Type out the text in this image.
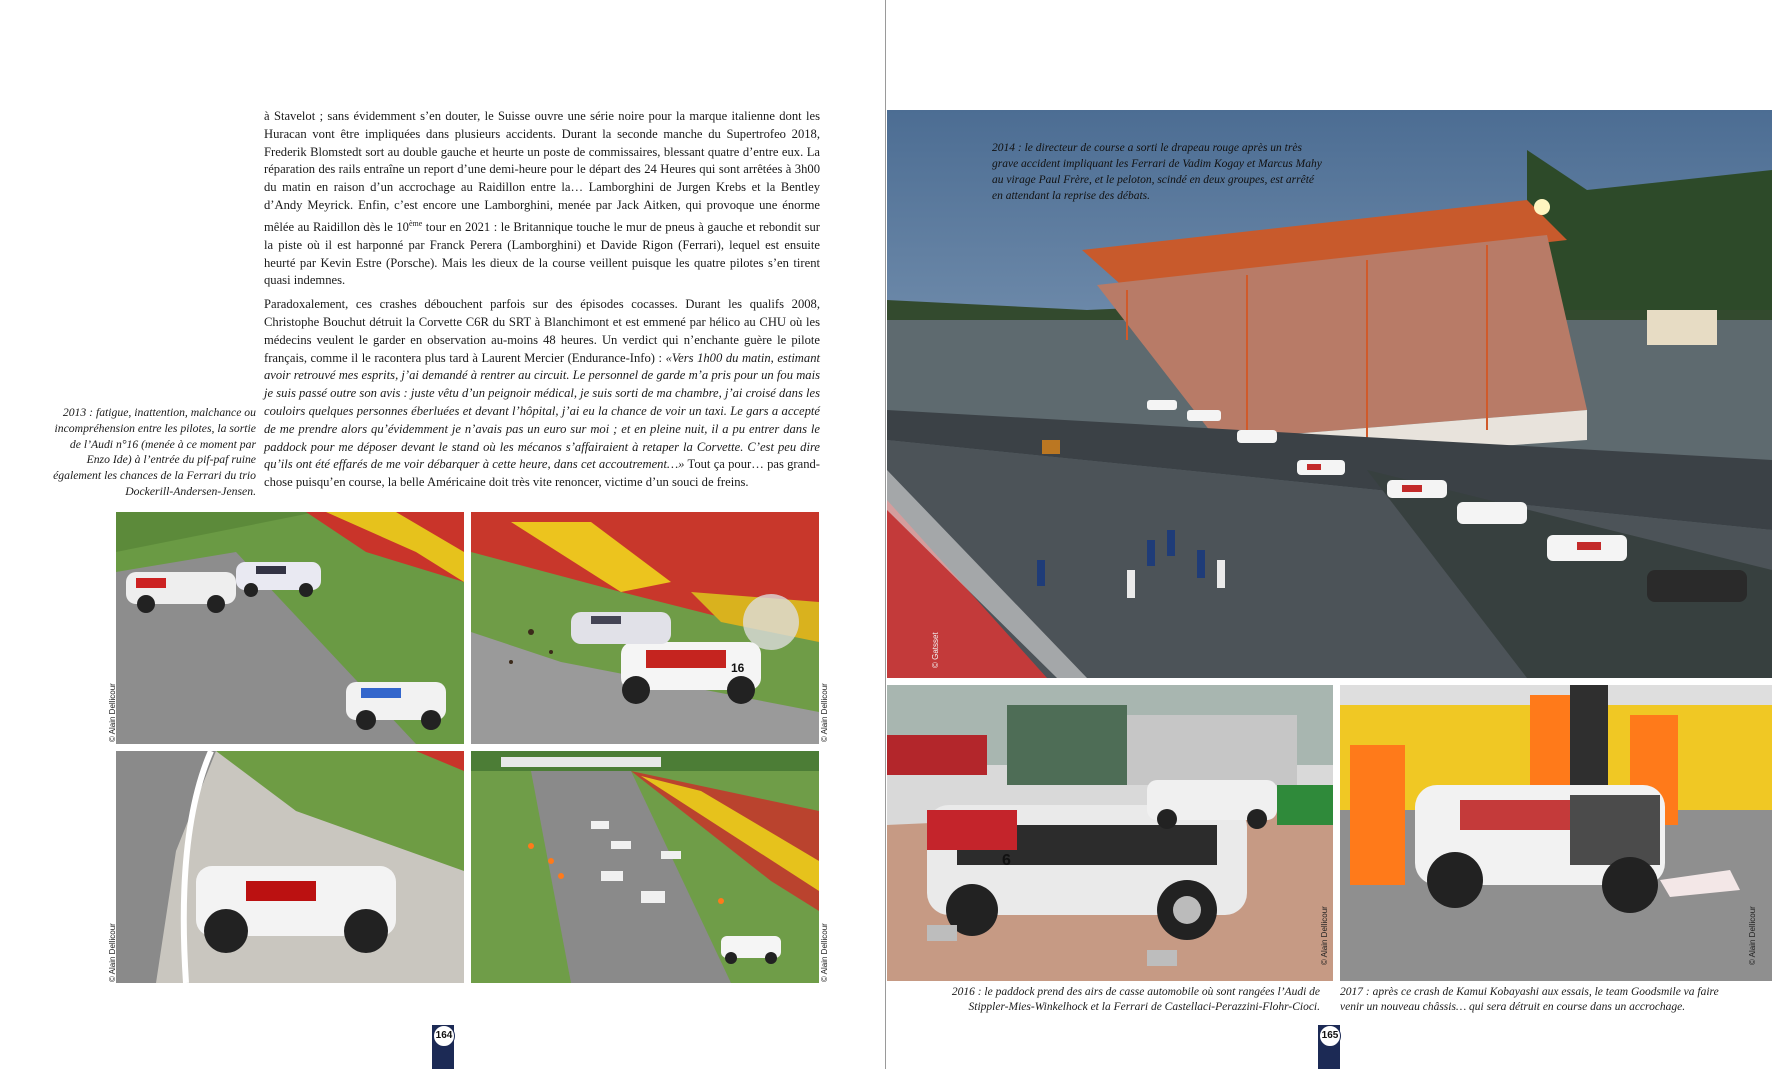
à Stavelot ; sans évidemment s’en douter, le Suisse ouvre une série noire pour la marque italienne dont les Huracan vont être impliquées dans plusieurs accidents. Durant la seconde manche du Supertrofeo 2018, Frederik Blomstedt sort au double gauche et heurte un poste de commissaires, blessant quatre d’entre eux. La réparation des rails entraîne un report d’une demi-heure pour le départ des 24 Heures qui sont arrêtées à 3h00 du matin en raison d’un accrochage au Raidillon entre la… Lamborghini de Jurgen Krebs et la Bentley d’Andy Meyrick. Enfin, c’est encore une Lamborghini, menée par Jack Aitken, qui provoque une énorme mêlée au Raidillon dès le 10ème tour en 2021 : le Britannique touche le mur de pneus à gauche et rebondit sur la piste où il est harponné par Franck Perera (Lamborghini) et Davide Rigon (Ferrari), lequel est ensuite heurté par Kevin Estre (Porsche). Mais les dieux de la course veillent puisque les quatre pilotes s’en tirent quasi indemnes.

Paradoxalement, ces crashes débouchent parfois sur des épisodes cocasses. Durant les qualifs 2008, Christophe Bouchut détruit la Corvette C6R du SRT à Blanchimont et est emmené par hélico au CHU où les médecins veulent le garder en observation au-moins 48 heures. Un verdict qui n’enchante guère le pilote français, comme il le racontera plus tard à Laurent Mercier (Endurance-Info) : «Vers 1h00 du matin, estimant avoir retrouvé mes esprits, j’ai demandé à rentrer au circuit. Le personnel de garde m’a pris pour un fou mais je suis passé outre son avis : juste vêtu d’un peignoir médical, je suis sorti de ma chambre, j’ai croisé dans les couloirs quelques personnes éberluées et devant l’hôpital, j’ai eu la chance de voir un taxi. Le gars a accepté de me prendre alors qu’évidemment je n’avais pas un euro sur moi ; et en pleine nuit, il a pu entrer dans le paddock pour me déposer devant le stand où les mécanos s’affairaient à retaper la Corvette. C’est peu dire qu’ils ont été effarés de me voir débarquer à cette heure, dans cet accoutrement…» Tout ça pour… pas grand-chose puisqu’en course, la belle Américaine doit très vite renoncer, victime d’un souci de freins.

2013 : fatigue, inattention, malchance ou incompréhension entre les pilotes, la sortie de l’Audi n°16 (menée à ce moment par Enzo Ide) à l’entrée du pif-paf ruine également les chances de la Ferrari du trio Dockerill-Andersen-Jensen.
16
© Alain Dellicour	© Alain Dellicour
© Alain Dellicour	© Alain Dellicour
164
2014 : le directeur de course a sorti le drapeau rouge après un très grave accident impliquant les Ferrari de Vadim Kogay et Marcus Mahy au virage Paul Frère, et le peloton, scindé en deux groupes, est arrêté en attendant la reprise des débats.
© Gatsset
6
© Alain Dellicour	© Alain Dellicour
2016 : le paddock prend des airs de casse automobile où sont rangées l’Audi de Stippler-Mies-Winkelhock et la Ferrari de Castellaci-Perazzini-Flohr-Cioci.
2017 : après ce crash de Kamui Kobayashi aux essais, le team Goodsmile va faire venir un nouveau châssis… qui sera détruit en course dans un accrochage.
165
